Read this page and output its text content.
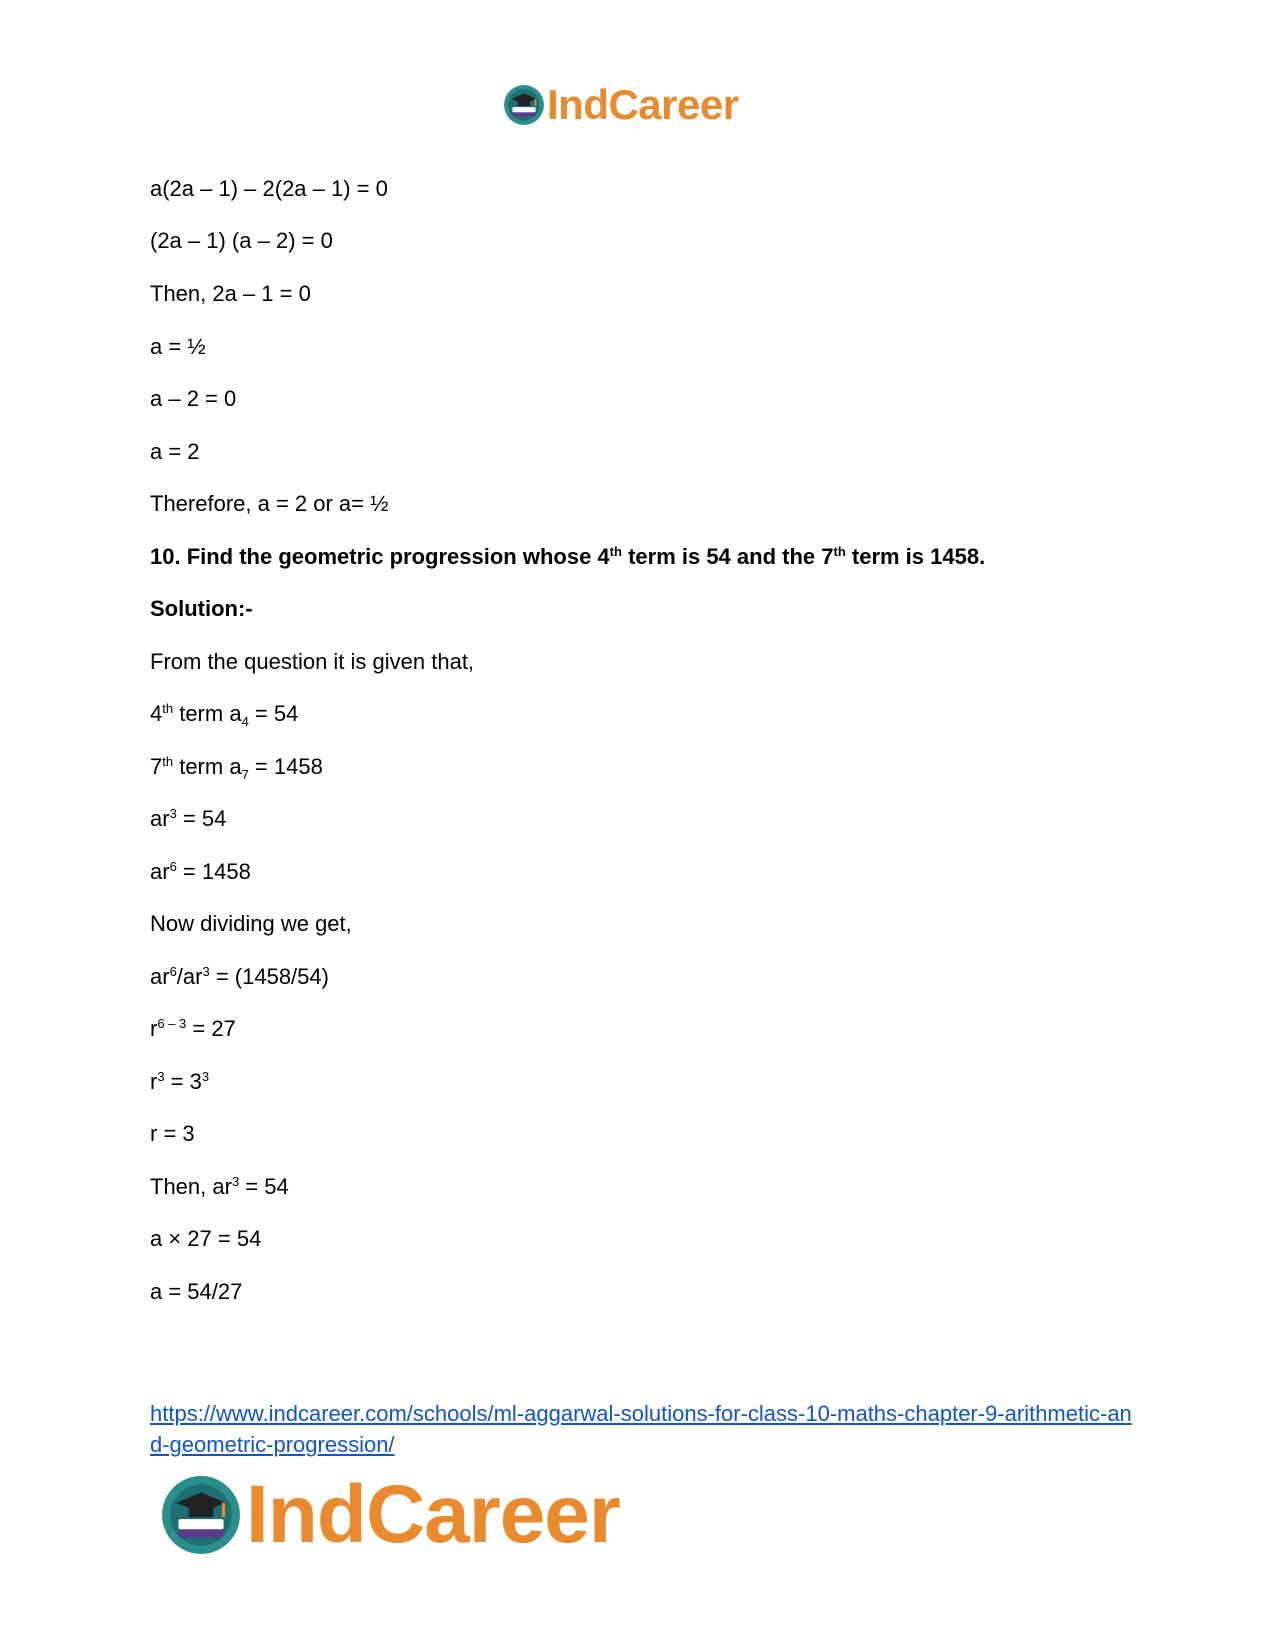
IndCareer
a(2a – 1) – 2(2a – 1) = 0
(2a – 1) (a – 2) = 0
Then, 2a – 1 = 0
a = ½
a – 2 = 0
a = 2
Therefore, a = 2 or a= ½
10. Find the geometric progression whose 4th term is 54 and the 7th term is 1458.
Solution:-
From the question it is given that,
4th term $a_4 = 54$
7th term $a_7 = 1458$
$ar^3 = 54$
$ar^6 = 1458$
Now dividing we get,
$ar^6/ar^3 = (1458/54)$
$r^{6 - 3} = 27$
$r^3 = 3^3$
r = 3
Then, $ar^3 = 54$
a × 27 = 54
a = 54/27
https://www.indcareer.com/schools/ml-aggarwal-solutions-for-class-10-maths-chapter-9-arithmetic-and-geometric-progression/
IndCareer
